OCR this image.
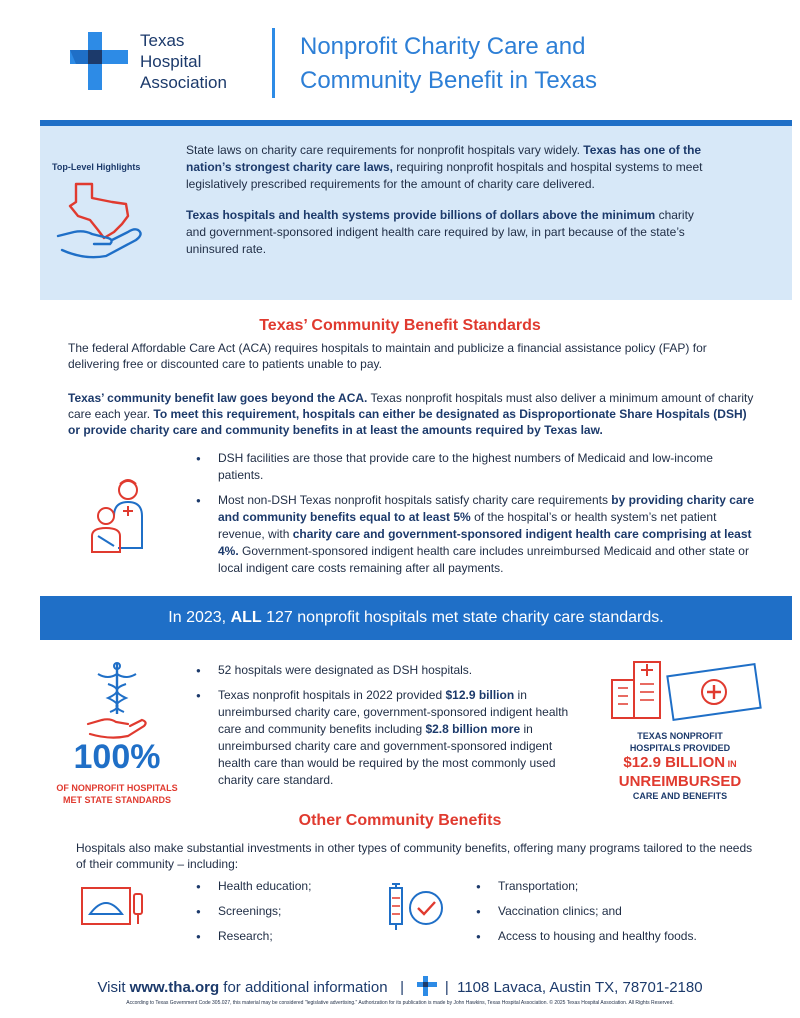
Texas
Hospital
Association
Nonprofit Charity Care and
Community Benefit in Texas
Top-Level Highlights

State laws on charity care requirements for nonprofit hospitals vary widely. Texas has one of the nation’s strongest charity care laws, requiring nonprofit hospitals and hospital systems to meet legislatively prescribed requirements for the amount of charity care delivered.

Texas hospitals and health systems provide billions of dollars above the minimum charity and government-sponsored indigent health care required by law, in part because of the state’s uninsured rate.

Texas’ Community Benefit Standards
The federal Affordable Care Act (ACA) requires hospitals to maintain and publicize a financial assistance policy (FAP) for delivering free or discounted care to patients unable to pay.
Texas’ community benefit law goes beyond the ACA. Texas nonprofit hospitals must also deliver a minimum amount of charity care each year. To meet this requirement, hospitals can either be designated as Disproportionate Share Hospitals (DSH) or provide charity care and community benefits in at least the amounts required by Texas law.
● DSH facilities are those that provide care to the highest numbers of Medicaid and low-income patients.
● Most non-DSH Texas nonprofit hospitals satisfy charity care requirements by providing charity care and community benefits equal to at least 5% of the hospital’s or health system’s net patient revenue, with charity care and government-sponsored indigent health care comprising at least 4%. Government-sponsored indigent health care includes unreimbursed Medicaid and other state or local indigent care costs remaining after all payments.
In 2023, ALL 127 nonprofit hospitals met state charity care standards.
100%
OF NONPROFIT HOSPITALS
MET STATE STANDARDS
● 52 hospitals were designated as DSH hospitals.
● Texas nonprofit hospitals in 2022 provided $12.9 billion in unreimbursed charity care, government-sponsored indigent health care and community benefits including $2.8 billion more in unreimbursed charity care and government-sponsored indigent health care than would be required by the most commonly used charity care standard.
TEXAS NONPROFIT
HOSPITALS PROVIDED
$12.9 BILLION IN
UNREIMBURSED
CARE AND BENEFITS
Other Community Benefits
Hospitals also make substantial investments in other types of community benefits, offering many programs tailored to the needs of their community – including:
● Health education;
● Screenings;
● Research;
● Transportation;
● Vaccination clinics; and
● Access to housing and healthy foods.
Visit www.tha.org for additional information |	| 1108 Lavaca, Austin TX, 78701-2180
According to Texas Government Code 305.027, this material may be considered "legislative advertising." Authorization for its publication is made by John Hawkins, Texas Hospital Association. © 2025 Texas Hospital Association. All Rights Reserved.
